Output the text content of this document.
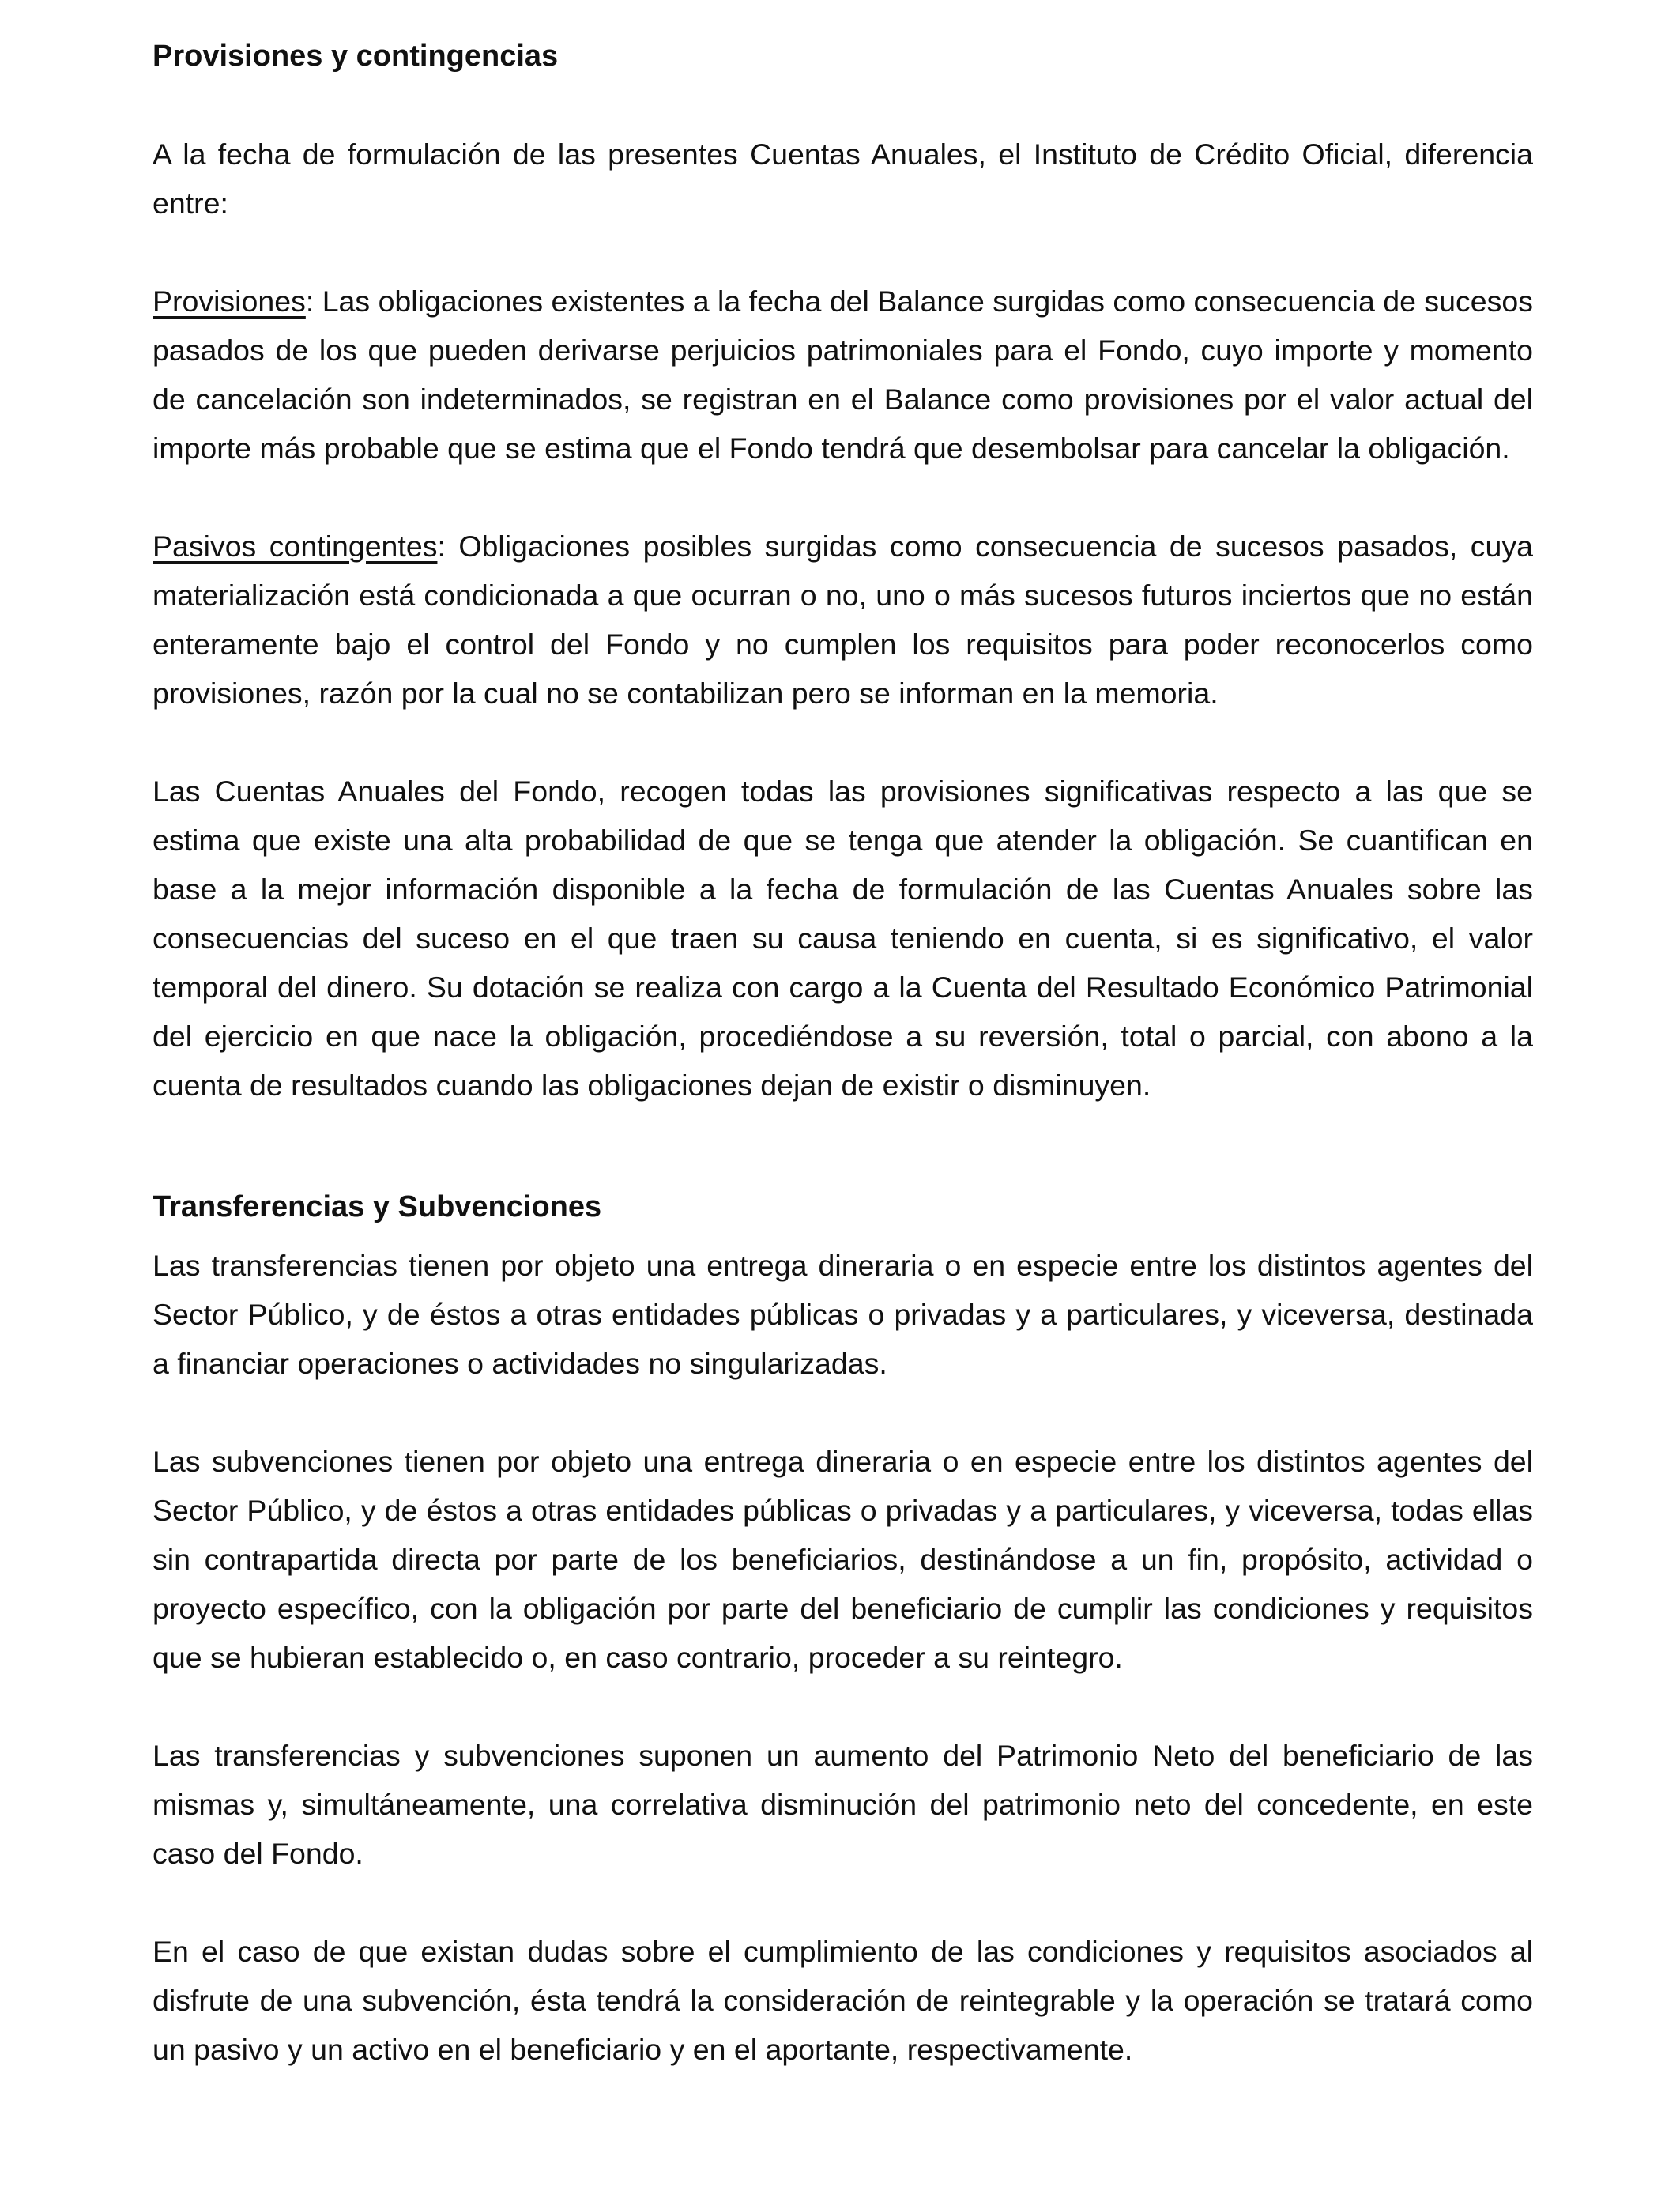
Provisiones y contingencias

A la fecha de formulación de las presentes Cuentas Anuales, el Instituto de Crédito Oficial, diferencia entre:

Provisiones: Las obligaciones existentes a la fecha del Balance surgidas como consecuencia de sucesos pasados de los que pueden derivarse perjuicios patrimoniales para el Fondo, cuyo importe y momento de cancelación son indeterminados, se registran en el Balance como provisiones por el valor actual del importe más probable que se estima que el Fondo tendrá que desembolsar para cancelar la obligación.

Pasivos contingentes: Obligaciones posibles surgidas como consecuencia de sucesos pasados, cuya materialización está condicionada a que ocurran o no, uno o más sucesos futuros inciertos que no están enteramente bajo el control del Fondo y no cumplen los requisitos para poder reconocerlos como provisiones, razón por la cual no se contabilizan pero se informan en la memoria.

Las Cuentas Anuales del Fondo, recogen todas las provisiones significativas respecto a las que se estima que existe una alta probabilidad de que se tenga que atender la obligación. Se cuantifican en base a la mejor información disponible a la fecha de formulación de las Cuentas Anuales sobre las consecuencias del suceso en el que traen su causa teniendo en cuenta, si es significativo, el valor temporal del dinero. Su dotación se realiza con cargo a la Cuenta del Resultado Económico Patrimonial del ejercicio en que nace la obligación, procediéndose a su reversión, total o parcial, con abono a la cuenta de resultados cuando las obligaciones dejan de existir o disminuyen.

Transferencias y Subvenciones

Las transferencias tienen por objeto una entrega dineraria o en especie entre los distintos agentes del Sector Público, y de éstos a otras entidades públicas o privadas y a particulares, y viceversa, destinada a financiar operaciones o actividades no singularizadas.

Las subvenciones tienen por objeto una entrega dineraria o en especie entre los distintos agentes del Sector Público, y de éstos a otras entidades públicas o privadas y a particulares, y viceversa, todas ellas sin contrapartida directa por parte de los beneficiarios, destinándose a un fin, propósito, actividad o proyecto específico, con la obligación por parte del beneficiario de cumplir las condiciones y requisitos que se hubieran establecido o, en caso contrario, proceder a su reintegro.

Las transferencias y subvenciones suponen un aumento del Patrimonio Neto del beneficiario de las mismas y, simultáneamente, una correlativa disminución del patrimonio neto del concedente, en este caso del Fondo.

En el caso de que existan dudas sobre el cumplimiento de las condiciones y requisitos asociados al disfrute de una subvención, ésta tendrá la consideración de reintegrable y la operación se tratará como un pasivo y un activo en el beneficiario y en el aportante, respectivamente.
